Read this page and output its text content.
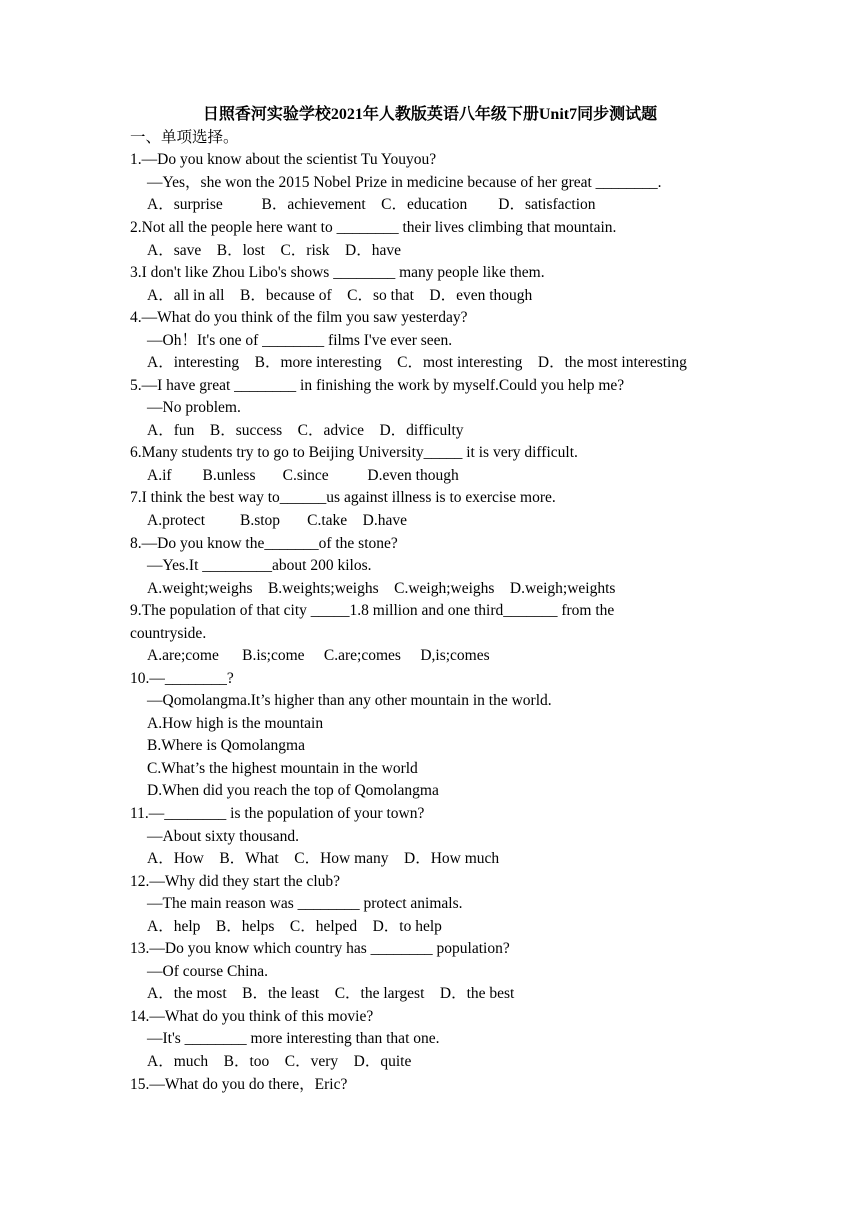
日照香河实验学校2021年人教版英语八年级下册Unit7同步测试题
一、单项选择。
1.—Do you know about the scientist Tu Youyou?
—Yes，she won the 2015 Nobel Prize in medicine because of her great ________.
A．surprise          B．achievement    C．education        D．satisfaction
2.Not all the people here want to ________ their lives climbing that mountain.
A．save    B．lost    C．risk    D．have
3.I don't like Zhou Libo's shows ________ many people like them.
A．all in all    B．because of    C．so that    D．even though
4.—What do you think of the film you saw yesterday?
—Oh！It's one of ________ films I've ever seen.
A．interesting    B．more interesting    C．most interesting    D．the most interesting
5.—I have great ________ in finishing the work by myself.Could you help me?
—No problem.
A．fun    B．success    C．advice    D．difficulty
6.Many students try to go to Beijing University_____ it is very difficult.
A.if        B.unless       C.since          D.even though
7.I think the best way to______us against illness is to exercise more.
A.protect         B.stop       C.take    D.have
8.—Do you know the_______of the stone?
—Yes.It _________about 200 kilos.
A.weight;weighs    B.weights;weighs    C.weigh;weighs    D.weigh;weights
9.The population of that city _____1.8 million and one third_______ from the
countryside.
A.are;come      B.is;come     C.are;comes     D,is;comes
10.—________?
—Qomolangma.It’s higher than any other mountain in the world.
A.How high is the mountain
B.Where is Qomolangma
C.What’s the highest mountain in the world
D.When did you reach the top of Qomolangma
11.—________ is the population of your town?
—About sixty thousand.
A．How    B．What    C．How many    D．How much
12.—Why did they start the club?
—The main reason was ________ protect animals.
A．help    B．helps    C．helped    D．to help
13.—Do you know which country has ________ population?
—Of course China.
A．the most    B．the least    C．the largest    D．the best
14.—What do you think of this movie?
—It's ________ more interesting than that one.
A．much    B．too    C．very    D．quite
15.—What do you do there，Eric?
